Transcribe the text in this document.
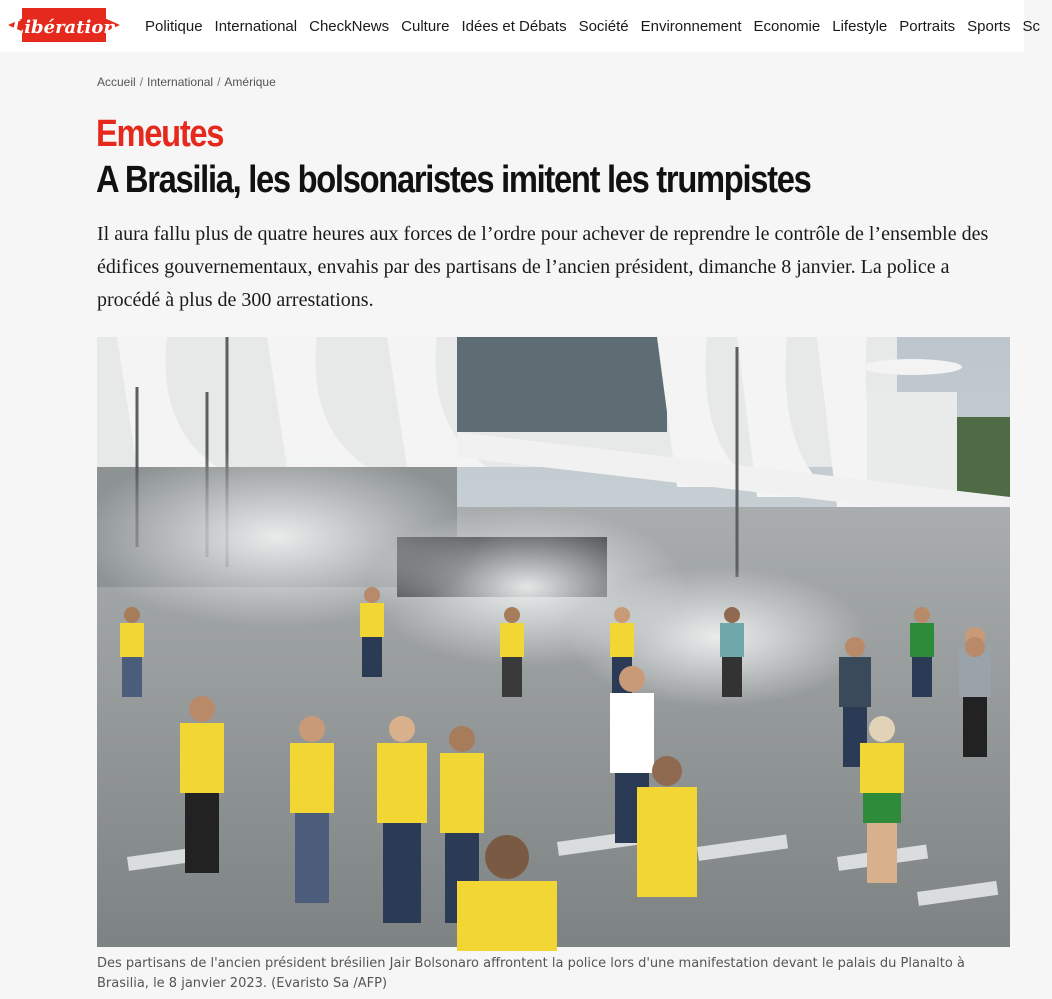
Libération Politique International CheckNews Culture Idées et Débats Société Environnement Economie Lifestyle Portraits Sports Sc
Accueil / International / Amérique
Emeutes
A Brasilia, les bolsonaristes imitent les trumpistes

Il aura fallu plus de quatre heures aux forces de l’ordre pour achever de reprendre le contrôle de l’ensemble des édifices gouvernementaux, envahis par des partisans de l’ancien président, dimanche 8 janvier. La police a procédé à plus de 300 arrestations.

Des partisans de l'ancien président brésilien Jair Bolsonaro affrontent la police lors d'une manifestation devant le palais du Planalto à Brasilia, le 8 janvier 2023. (Evaristo Sa /AFP)
